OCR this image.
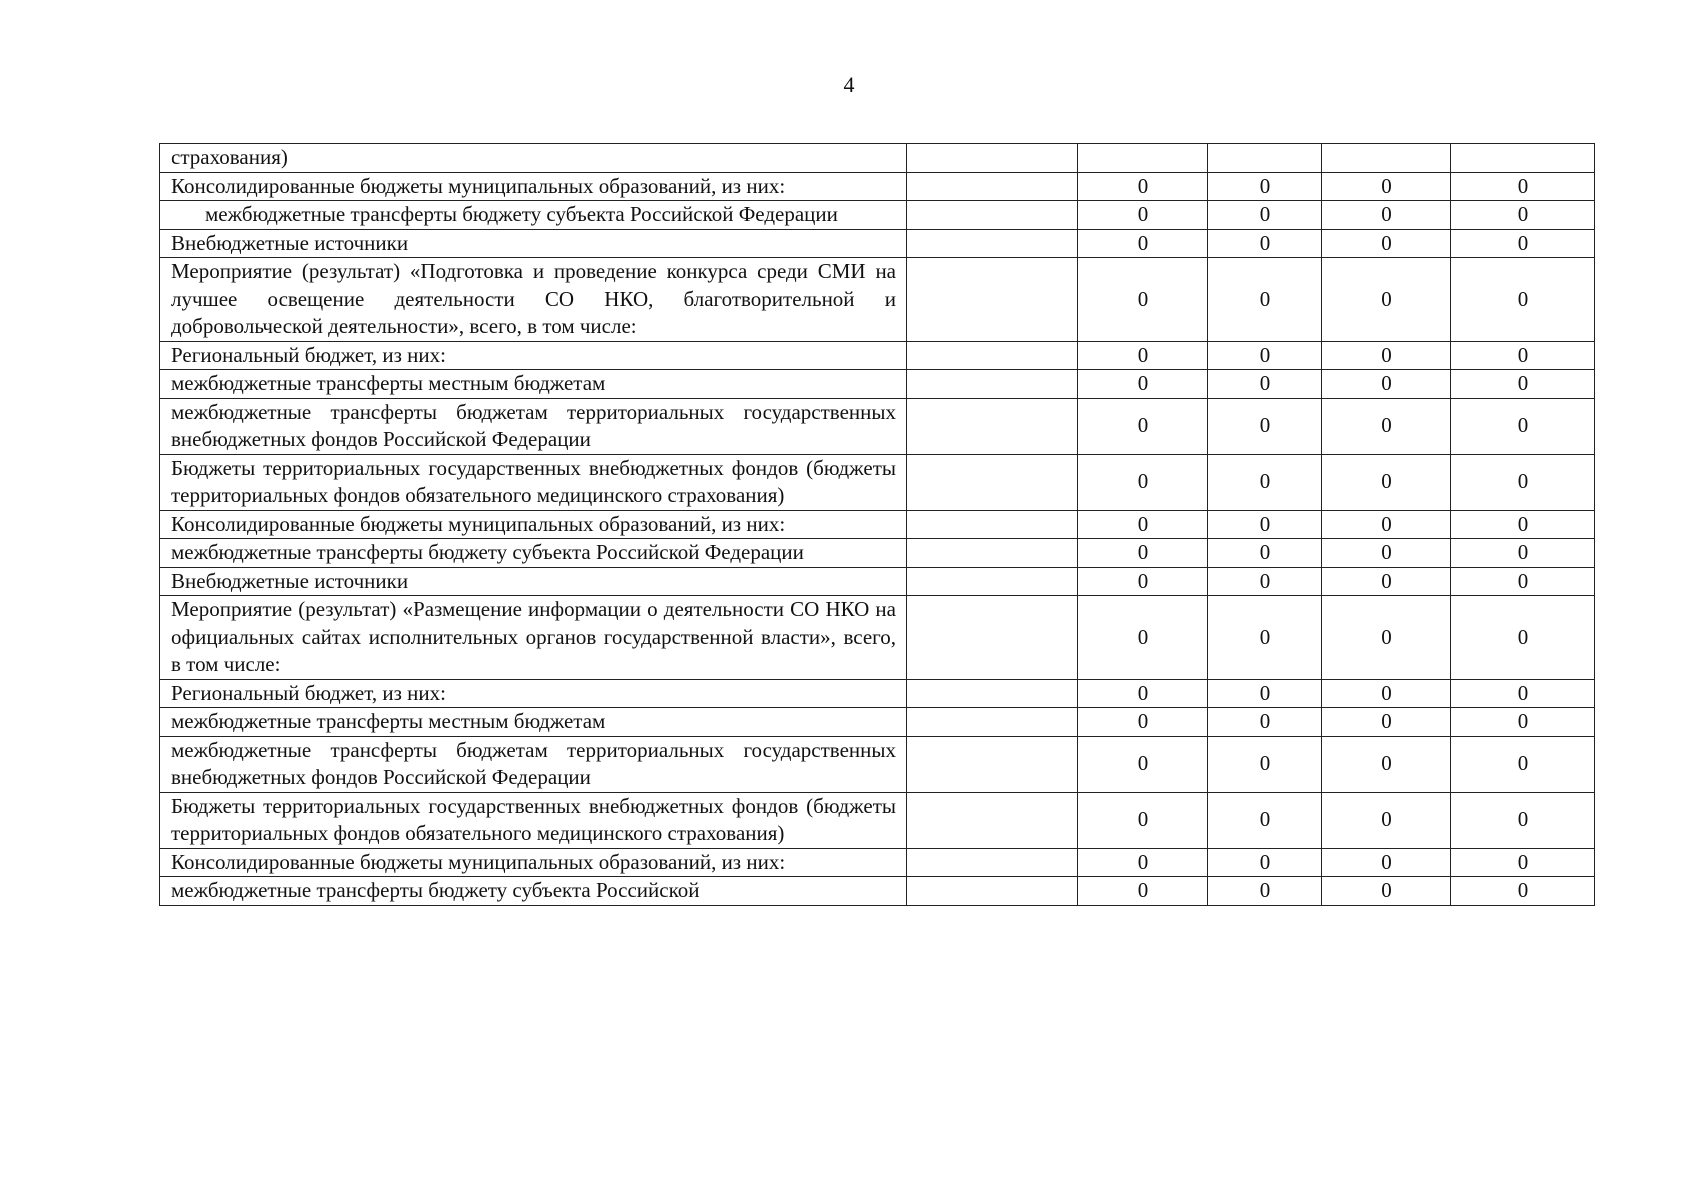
4
страхования)					
Консолидированные бюджеты муниципальных образований, из них:		0	0	0	0
межбюджетные трансферты бюджету субъекта Российской Федерации		0	0	0	0
Внебюджетные источники		0	0	0	0
Мероприятие (результат) «Подготовка и проведение конкурса среди СМИ на лучшее освещение деятельности СО НКО, благотворительной и добровольческой деятельности», всего, в том числе:		0	0	0	0
Региональный бюджет, из них:		0	0	0	0
межбюджетные трансферты местным бюджетам		0	0	0	0
межбюджетные трансферты бюджетам территориальных государственных внебюджетных фондов Российской Федерации		0	0	0	0
Бюджеты территориальных государственных внебюджетных фондов (бюджеты территориальных фондов обязательного медицинского страхования)		0	0	0	0
Консолидированные бюджеты муниципальных образований, из них:		0	0	0	0
межбюджетные трансферты бюджету субъекта Российской Федерации		0	0	0	0
Внебюджетные источники		0	0	0	0
Мероприятие (результат) «Размещение информации о деятельности СО НКО на официальных сайтах исполнительных органов государственной власти», всего, в том числе:		0	0	0	0
Региональный бюджет, из них:		0	0	0	0
межбюджетные трансферты местным бюджетам		0	0	0	0
межбюджетные трансферты бюджетам территориальных государственных внебюджетных фондов Российской Федерации		0	0	0	0
Бюджеты территориальных государственных внебюджетных фондов (бюджеты территориальных фондов обязательного медицинского страхования)		0	0	0	0
Консолидированные бюджеты муниципальных образований, из них:		0	0	0	0
межбюджетные трансферты бюджету субъекта Российской		0	0	0	0
